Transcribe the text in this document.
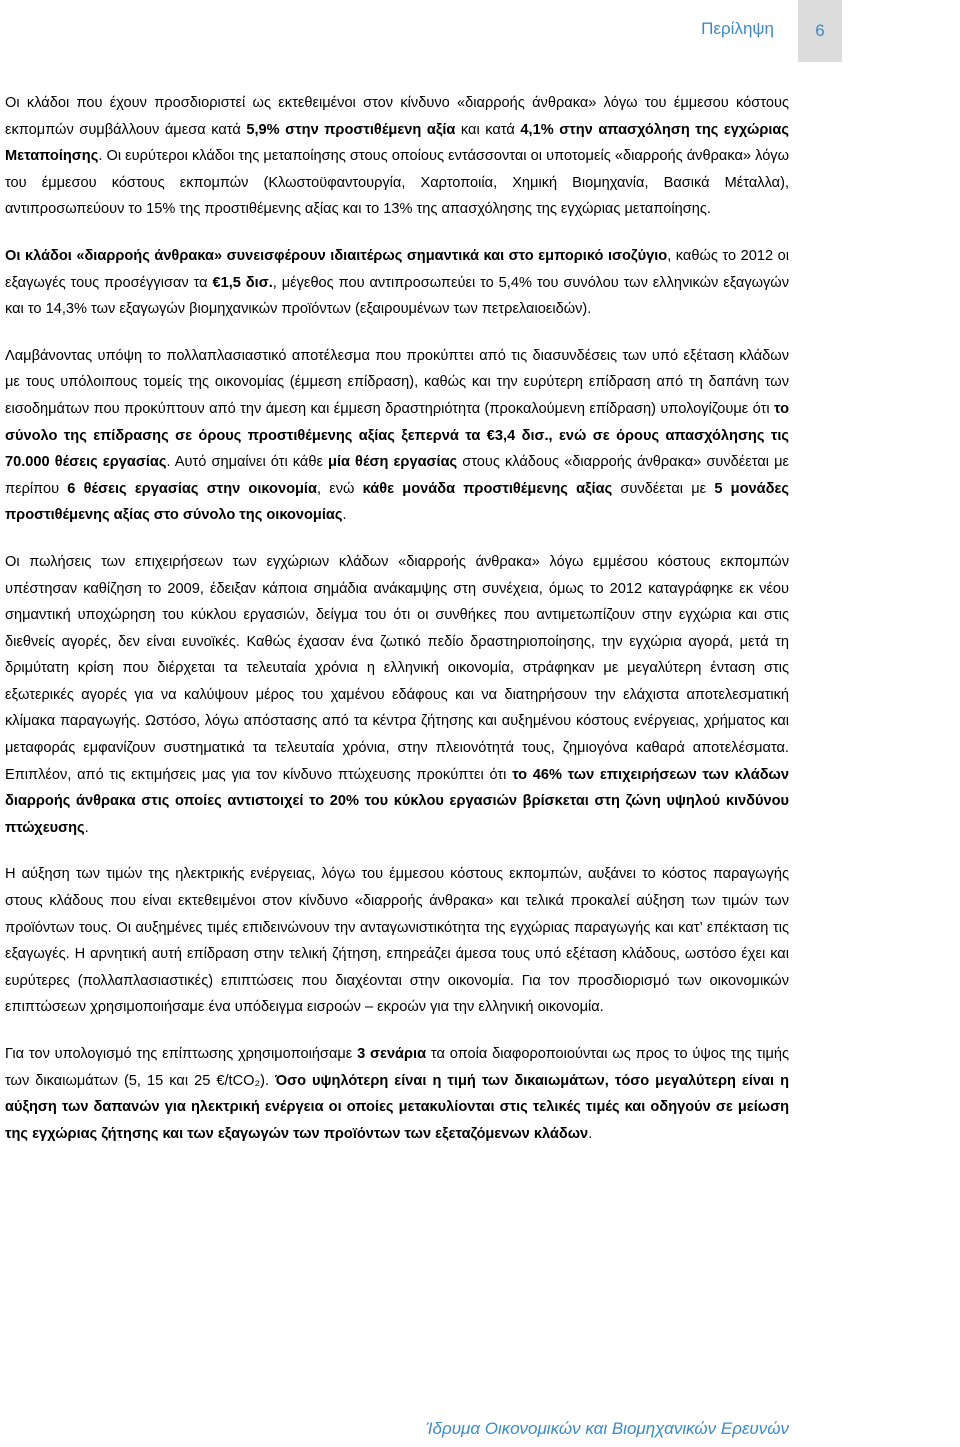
Περίληψη 6

Οι κλάδοι που έχουν προσδιοριστεί ως εκτεθειμένοι στον κίνδυνο «διαρροής άνθρακα» λόγω του έμμεσου κόστους εκπομπών συμβάλλουν άμεσα κατά 5,9% στην προστιθέμενη αξία και κατά 4,1% στην απασχόληση της εγχώριας Μεταποίησης. Οι ευρύτεροι κλάδοι της μεταποίησης στους οποίους εντάσσονται οι υποτομείς «διαρροής άνθρακα» λόγω του έμμεσου κόστους εκπομπών (Κλωστοϋφαντουργία, Χαρτοποιία, Χημική Βιομηχανία, Βασικά Μέταλλα), αντιπροσωπεύουν το 15% της προστιθέμενης αξίας και το 13% της απασχόλησης της εγχώριας μεταποίησης.

Οι κλάδοι «διαρροής άνθρακα» συνεισφέρουν ιδιαιτέρως σημαντικά και στο εμπορικό ισοζύγιο, καθώς το 2012 οι εξαγωγές τους προσέγγισαν τα €1,5 δισ., μέγεθος που αντιπροσωπεύει το 5,4% του συνόλου των ελληνικών εξαγωγών και το 14,3% των εξαγωγών βιομηχανικών προϊόντων (εξαιρουμένων των πετρελαιοειδών).

Λαμβάνοντας υπόψη το πολλαπλασιαστικό αποτέλεσμα που προκύπτει από τις διασυνδέσεις των υπό εξέταση κλάδων με τους υπόλοιπους τομείς της οικονομίας (έμμεση επίδραση), καθώς και την ευρύτερη επίδραση από τη δαπάνη των εισοδημάτων που προκύπτουν από την άμεση και έμμεση δραστηριότητα (προκαλούμενη επίδραση) υπολογίζουμε ότι το σύνολο της επίδρασης σε όρους προστιθέμενης αξίας ξεπερνά τα €3,4 δισ., ενώ σε όρους απασχόλησης τις 70.000 θέσεις εργασίας. Αυτό σημαίνει ότι κάθε μία θέση εργασίας στους κλάδους «διαρροής άνθρακα» συνδέεται με περίπου 6 θέσεις εργασίας στην οικονομία, ενώ κάθε μονάδα προστιθέμενης αξίας συνδέεται με 5 μονάδες προστιθέμενης αξίας στο σύνολο της οικονομίας.

Οι πωλήσεις των επιχειρήσεων των εγχώριων κλάδων «διαρροής άνθρακα» λόγω εμμέσου κόστους εκπομπών υπέστησαν καθίζηση το 2009, έδειξαν κάποια σημάδια ανάκαμψης στη συνέχεια, όμως το 2012 καταγράφηκε εκ νέου σημαντική υποχώρηση του κύκλου εργασιών, δείγμα του ότι οι συνθήκες που αντιμετωπίζουν στην εγχώρια και στις διεθνείς αγορές, δεν είναι ευνοϊκές. Καθώς έχασαν ένα ζωτικό πεδίο δραστηριοποίησης, την εγχώρια αγορά, μετά τη δριμύτατη κρίση που διέρχεται τα τελευταία χρόνια η ελληνική οικονομία, στράφηκαν με μεγαλύτερη ένταση στις εξωτερικές αγορές για να καλύψουν μέρος του χαμένου εδάφους και να διατηρήσουν την ελάχιστα αποτελεσματική κλίμακα παραγωγής. Ωστόσο, λόγω απόστασης από τα κέντρα ζήτησης και αυξημένου κόστους ενέργειας, χρήματος και μεταφοράς εμφανίζουν συστηματικά τα τελευταία χρόνια, στην πλειονότητά τους, ζημιογόνα καθαρά αποτελέσματα. Επιπλέον, από τις εκτιμήσεις μας για τον κίνδυνο πτώχευσης προκύπτει ότι το 46% των επιχειρήσεων των κλάδων διαρροής άνθρακα στις οποίες αντιστοιχεί το 20% του κύκλου εργασιών βρίσκεται στη ζώνη υψηλού κινδύνου πτώχευσης.

Η αύξηση των τιμών της ηλεκτρικής ενέργειας, λόγω του έμμεσου κόστους εκπομπών, αυξάνει το κόστος παραγωγής στους κλάδους που είναι εκτεθειμένοι στον κίνδυνο «διαρροής άνθρακα» και τελικά προκαλεί αύξηση των τιμών των προϊόντων τους. Οι αυξημένες τιμές επιδεινώνουν την ανταγωνιστικότητα της εγχώριας παραγωγής και κατ’ επέκταση τις εξαγωγές. Η αρνητική αυτή επίδραση στην τελική ζήτηση, επηρεάζει άμεσα τους υπό εξέταση κλάδους, ωστόσο έχει και ευρύτερες (πολλαπλασιαστικές) επιπτώσεις που διαχέονται στην οικονομία. Για τον προσδιορισμό των οικονομικών επιπτώσεων χρησιμοποιήσαμε ένα υπόδειγμα εισροών – εκροών για την ελληνική οικονομία.

Για τον υπολογισμό της επίπτωσης χρησιμοποιήσαμε 3 σενάρια τα οποία διαφοροποιούνται ως προς το ύψος της τιμής των δικαιωμάτων (5, 15 και 25 €/tCO₂). Όσο υψηλότερη είναι η τιμή των δικαιωμάτων, τόσο μεγαλύτερη είναι η αύξηση των δαπανών για ηλεκτρική ενέργεια οι οποίες μετακυλίονται στις τελικές τιμές και οδηγούν σε μείωση της εγχώριας ζήτησης και των εξαγωγών των προϊόντων των εξεταζόμενων κλάδων.

Ίδρυμα Οικονομικών και Βιομηχανικών Ερευνών
